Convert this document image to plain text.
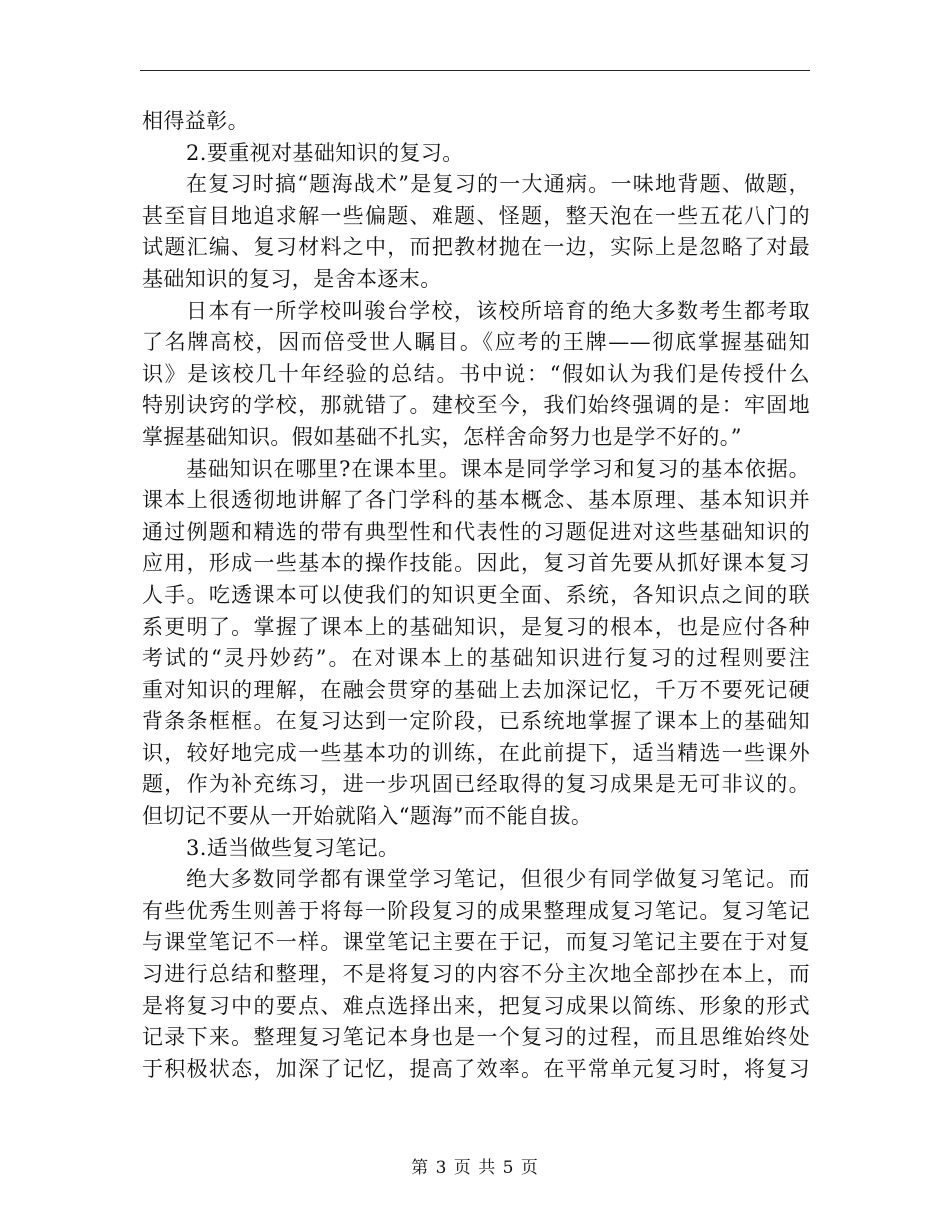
相得益彰。
2.要重视对基础知识的复习。
在复习时搞“题海战术”是复习的一大通病。一味地背题、做题，
甚至盲目地追求解一些偏题、难题、怪题，整天泡在一些五花八门的
试题汇编、复习材料之中，而把教材抛在一边，实际上是忽略了对最
基础知识的复习，是舍本逐末。
日本有一所学校叫骏台学校，该校所培育的绝大多数考生都考取
了名牌高校，因而倍受世人瞩目。《应考的王牌——彻底掌握基础知
识》是该校几十年经验的总结。书中说：“假如认为我们是传授什么
特别诀窍的学校，那就错了。建校至今，我们始终强调的是：牢固地
掌握基础知识。假如基础不扎实，怎样舍命努力也是学不好的。”
基础知识在哪里?在课本里。课本是同学学习和复习的基本依据。
课本上很透彻地讲解了各门学科的基本概念、基本原理、基本知识并
通过例题和精选的带有典型性和代表性的习题促进对这些基础知识的
应用，形成一些基本的操作技能。因此，复习首先要从抓好课本复习
人手。吃透课本可以使我们的知识更全面、系统，各知识点之间的联
系更明了。掌握了课本上的基础知识，是复习的根本，也是应付各种
考试的“灵丹妙药”。在对课本上的基础知识进行复习的过程则要注
重对知识的理解，在融会贯穿的基础上去加深记忆，千万不要死记硬
背条条框框。在复习达到一定阶段，已系统地掌握了课本上的基础知
识，较好地完成一些基本功的训练，在此前提下，适当精选一些课外
题，作为补充练习，进一步巩固已经取得的复习成果是无可非议的。
但切记不要从一开始就陷入“题海”而不能自拔。
3.适当做些复习笔记。
绝大多数同学都有课堂学习笔记，但很少有同学做复习笔记。而
有些优秀生则善于将每一阶段复习的成果整理成复习笔记。复习笔记
与课堂笔记不一样。课堂笔记主要在于记，而复习笔记主要在于对复
习进行总结和整理，不是将复习的内容不分主次地全部抄在本上，而
是将复习中的要点、难点选择出来，把复习成果以简练、形象的形式
记录下来。整理复习笔记本身也是一个复习的过程，而且思维始终处
于积极状态，加深了记忆，提高了效率。在平常单元复习时，将复习
第 3 页 共 5 页
